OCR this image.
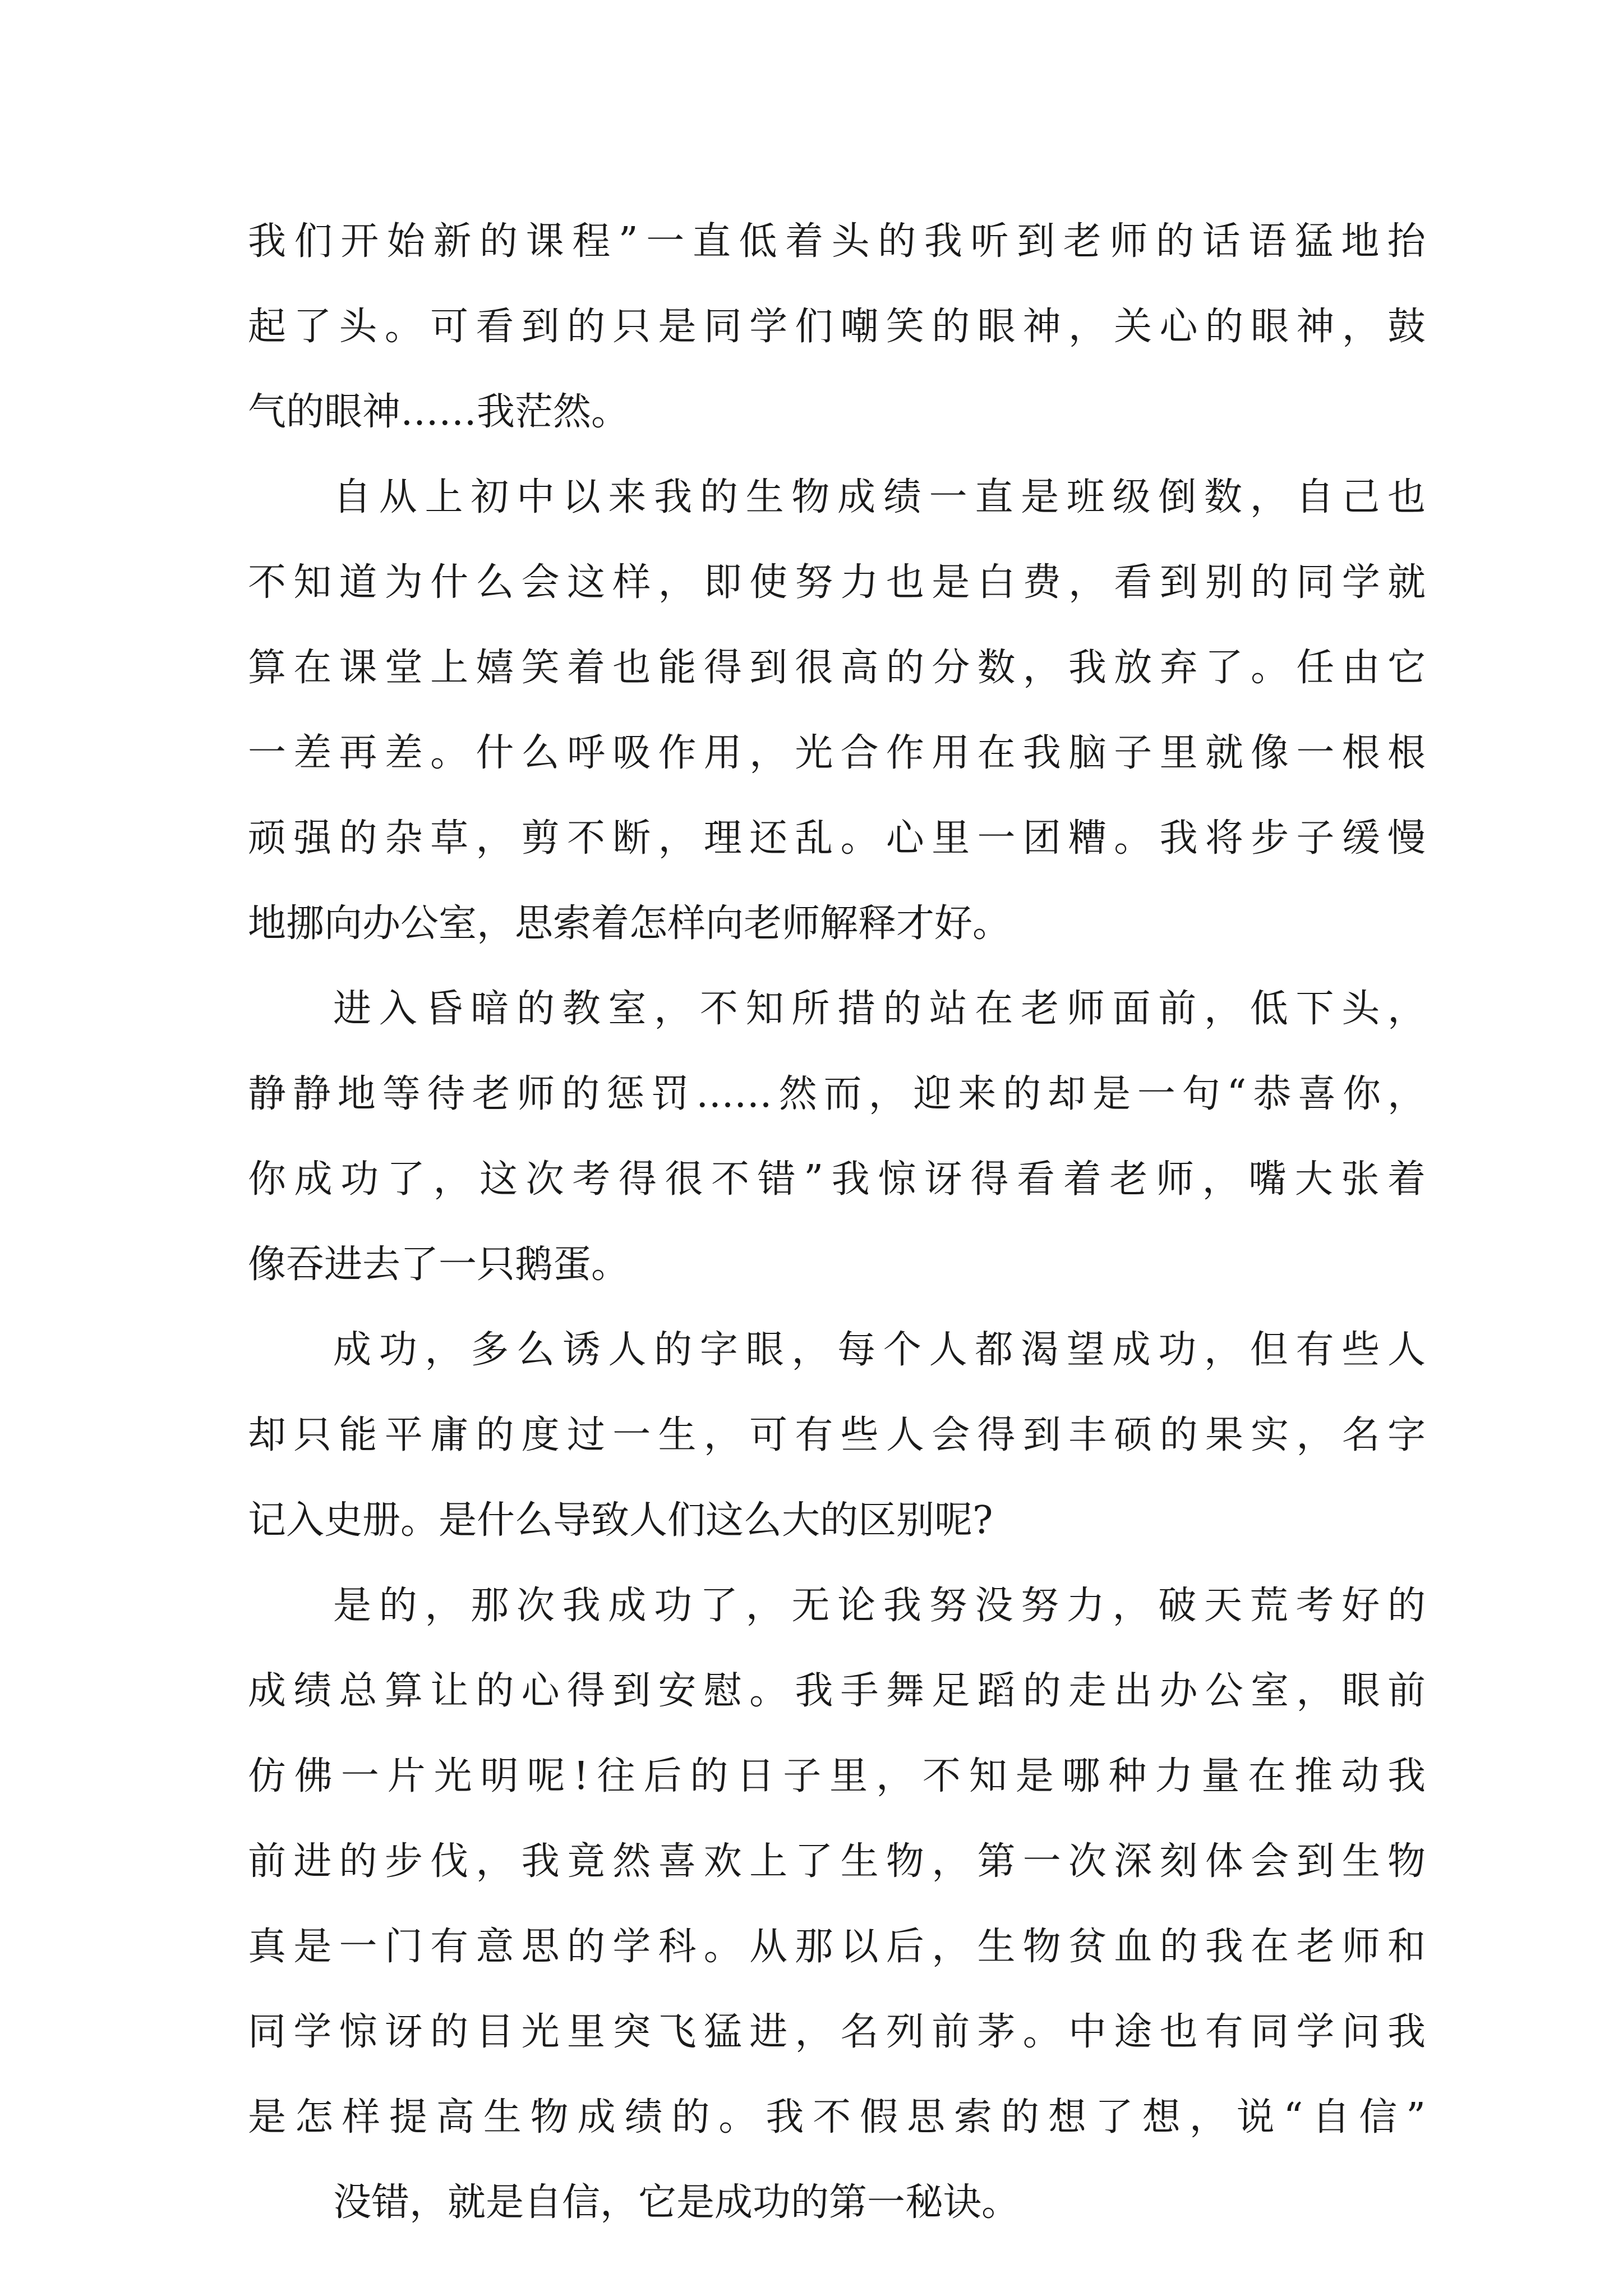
我们开始新的课程”一直低着头的我听到老师的话语猛地抬
起了头。可看到的只是同学们嘲笑的眼神，关心的眼神，鼓
气的眼神……我茫然。
自从上初中以来我的生物成绩一直是班级倒数，自己也
不知道为什么会这样，即使努力也是白费，看到别的同学就
算在课堂上嬉笑着也能得到很高的分数，我放弃了。任由它
一差再差。什么呼吸作用，光合作用在我脑子里就像一根根
顽强的杂草，剪不断，理还乱。心里一团糟。我将步子缓慢
地挪向办公室，思索着怎样向老师解释才好。
进入昏暗的教室，不知所措的站在老师面前，低下头，
静静地等待老师的惩罚……然而，迎来的却是一句“恭喜你，
你成功了，这次考得很不错”我惊讶得看着老师，嘴大张着
像吞进去了一只鹅蛋。
成功，多么诱人的字眼，每个人都渴望成功，但有些人
却只能平庸的度过一生，可有些人会得到丰硕的果实，名字
记入史册。是什么导致人们这么大的区别呢?
是的，那次我成功了，无论我努没努力，破天荒考好的
成绩总算让的心得到安慰。我手舞足蹈的走出办公室，眼前
仿佛一片光明呢!往后的日子里，不知是哪种力量在推动我
前进的步伐，我竟然喜欢上了生物，第一次深刻体会到生物
真是一门有意思的学科。从那以后，生物贫血的我在老师和
同学惊讶的目光里突飞猛进，名列前茅。中途也有同学问我
是怎样提高生物成绩的。我不假思索的想了想，说“自信”
没错，就是自信，它是成功的第一秘诀。
